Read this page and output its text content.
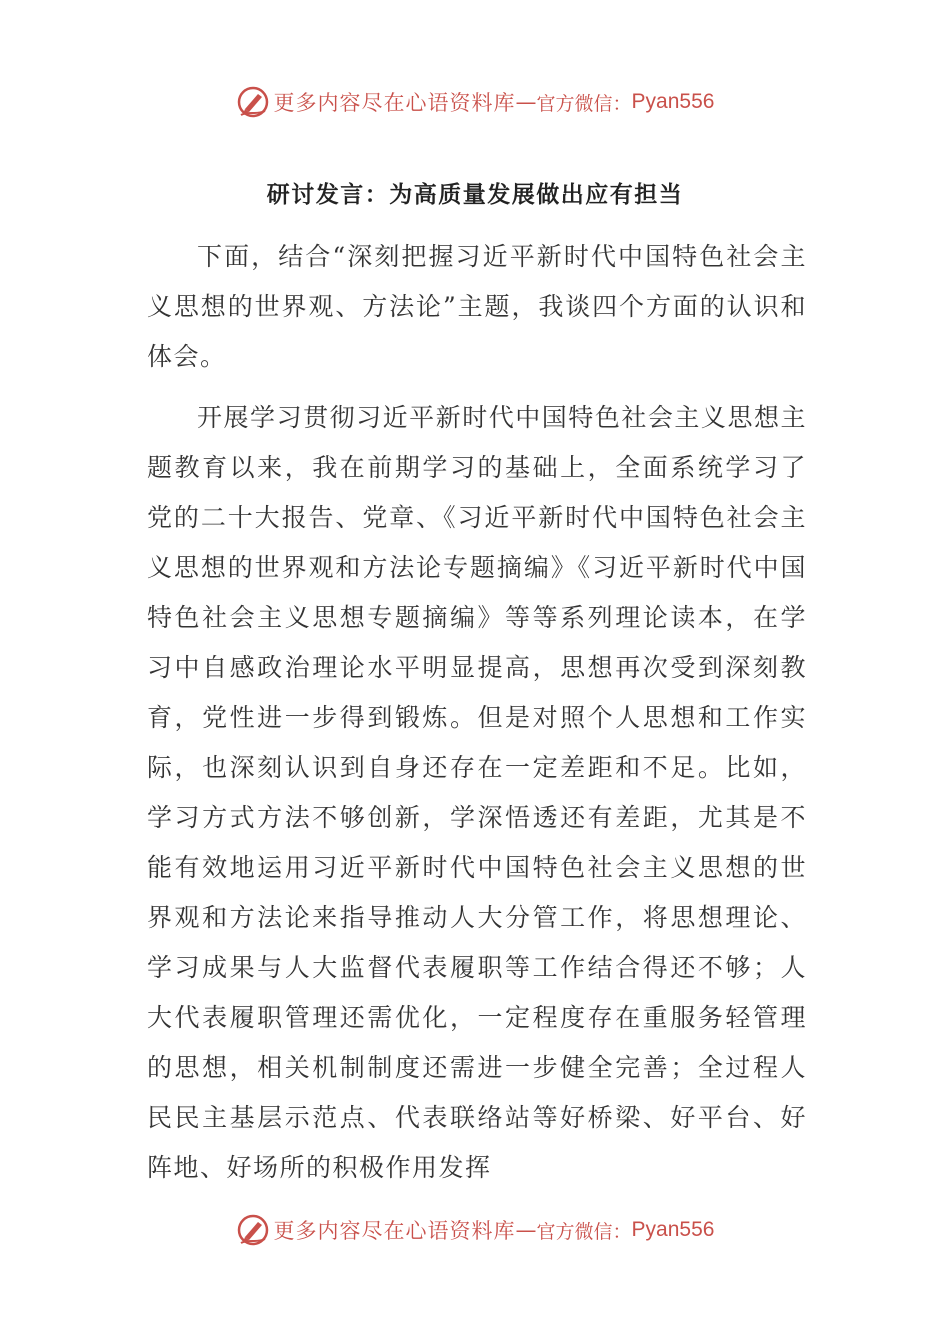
更多内容尽在心语资料库 — 官方微信： Pyan556
研讨发言：为高质量发展做出应有担当

下面，结合“深刻把握习近平新时代中国特色社会主义思想的世界观、方法论”主题，我谈四个方面的认识和体会。

开展学习贯彻习近平新时代中国特色社会主义思想主题教育以来，我在前期学习的基础上，全面系统学习了党的二十大报告、党章、《习近平新时代中国特色社会主义思想的世界观和方法论专题摘编》《习近平新时代中国特色社会主义思想专题摘编》等等系列理论读本，在学习中自感政治理论水平明显提高，思想再次受到深刻教育，党性进一步得到锻炼。但是对照个人思想和工作实际，也深刻认识到自身还存在一定差距和不足。比如，学习方式方法不够创新，学深悟透还有差距，尤其是不能有效地运用习近平新时代中国特色社会主义思想的世界观和方法论来指导推动人大分管工作，将思想理论、学习成果与人大监督代表履职等工作结合得还不够；人大代表履职管理还需优化，一定程度存在重服务轻管理的思想，相关机制制度还需进一步健全完善；全过程人民民主基层示范点、代表联络站等好桥梁、好平台、好阵地、好场所的积极作用发挥

更多内容尽在心语资料库 — 官方微信： Pyan556
